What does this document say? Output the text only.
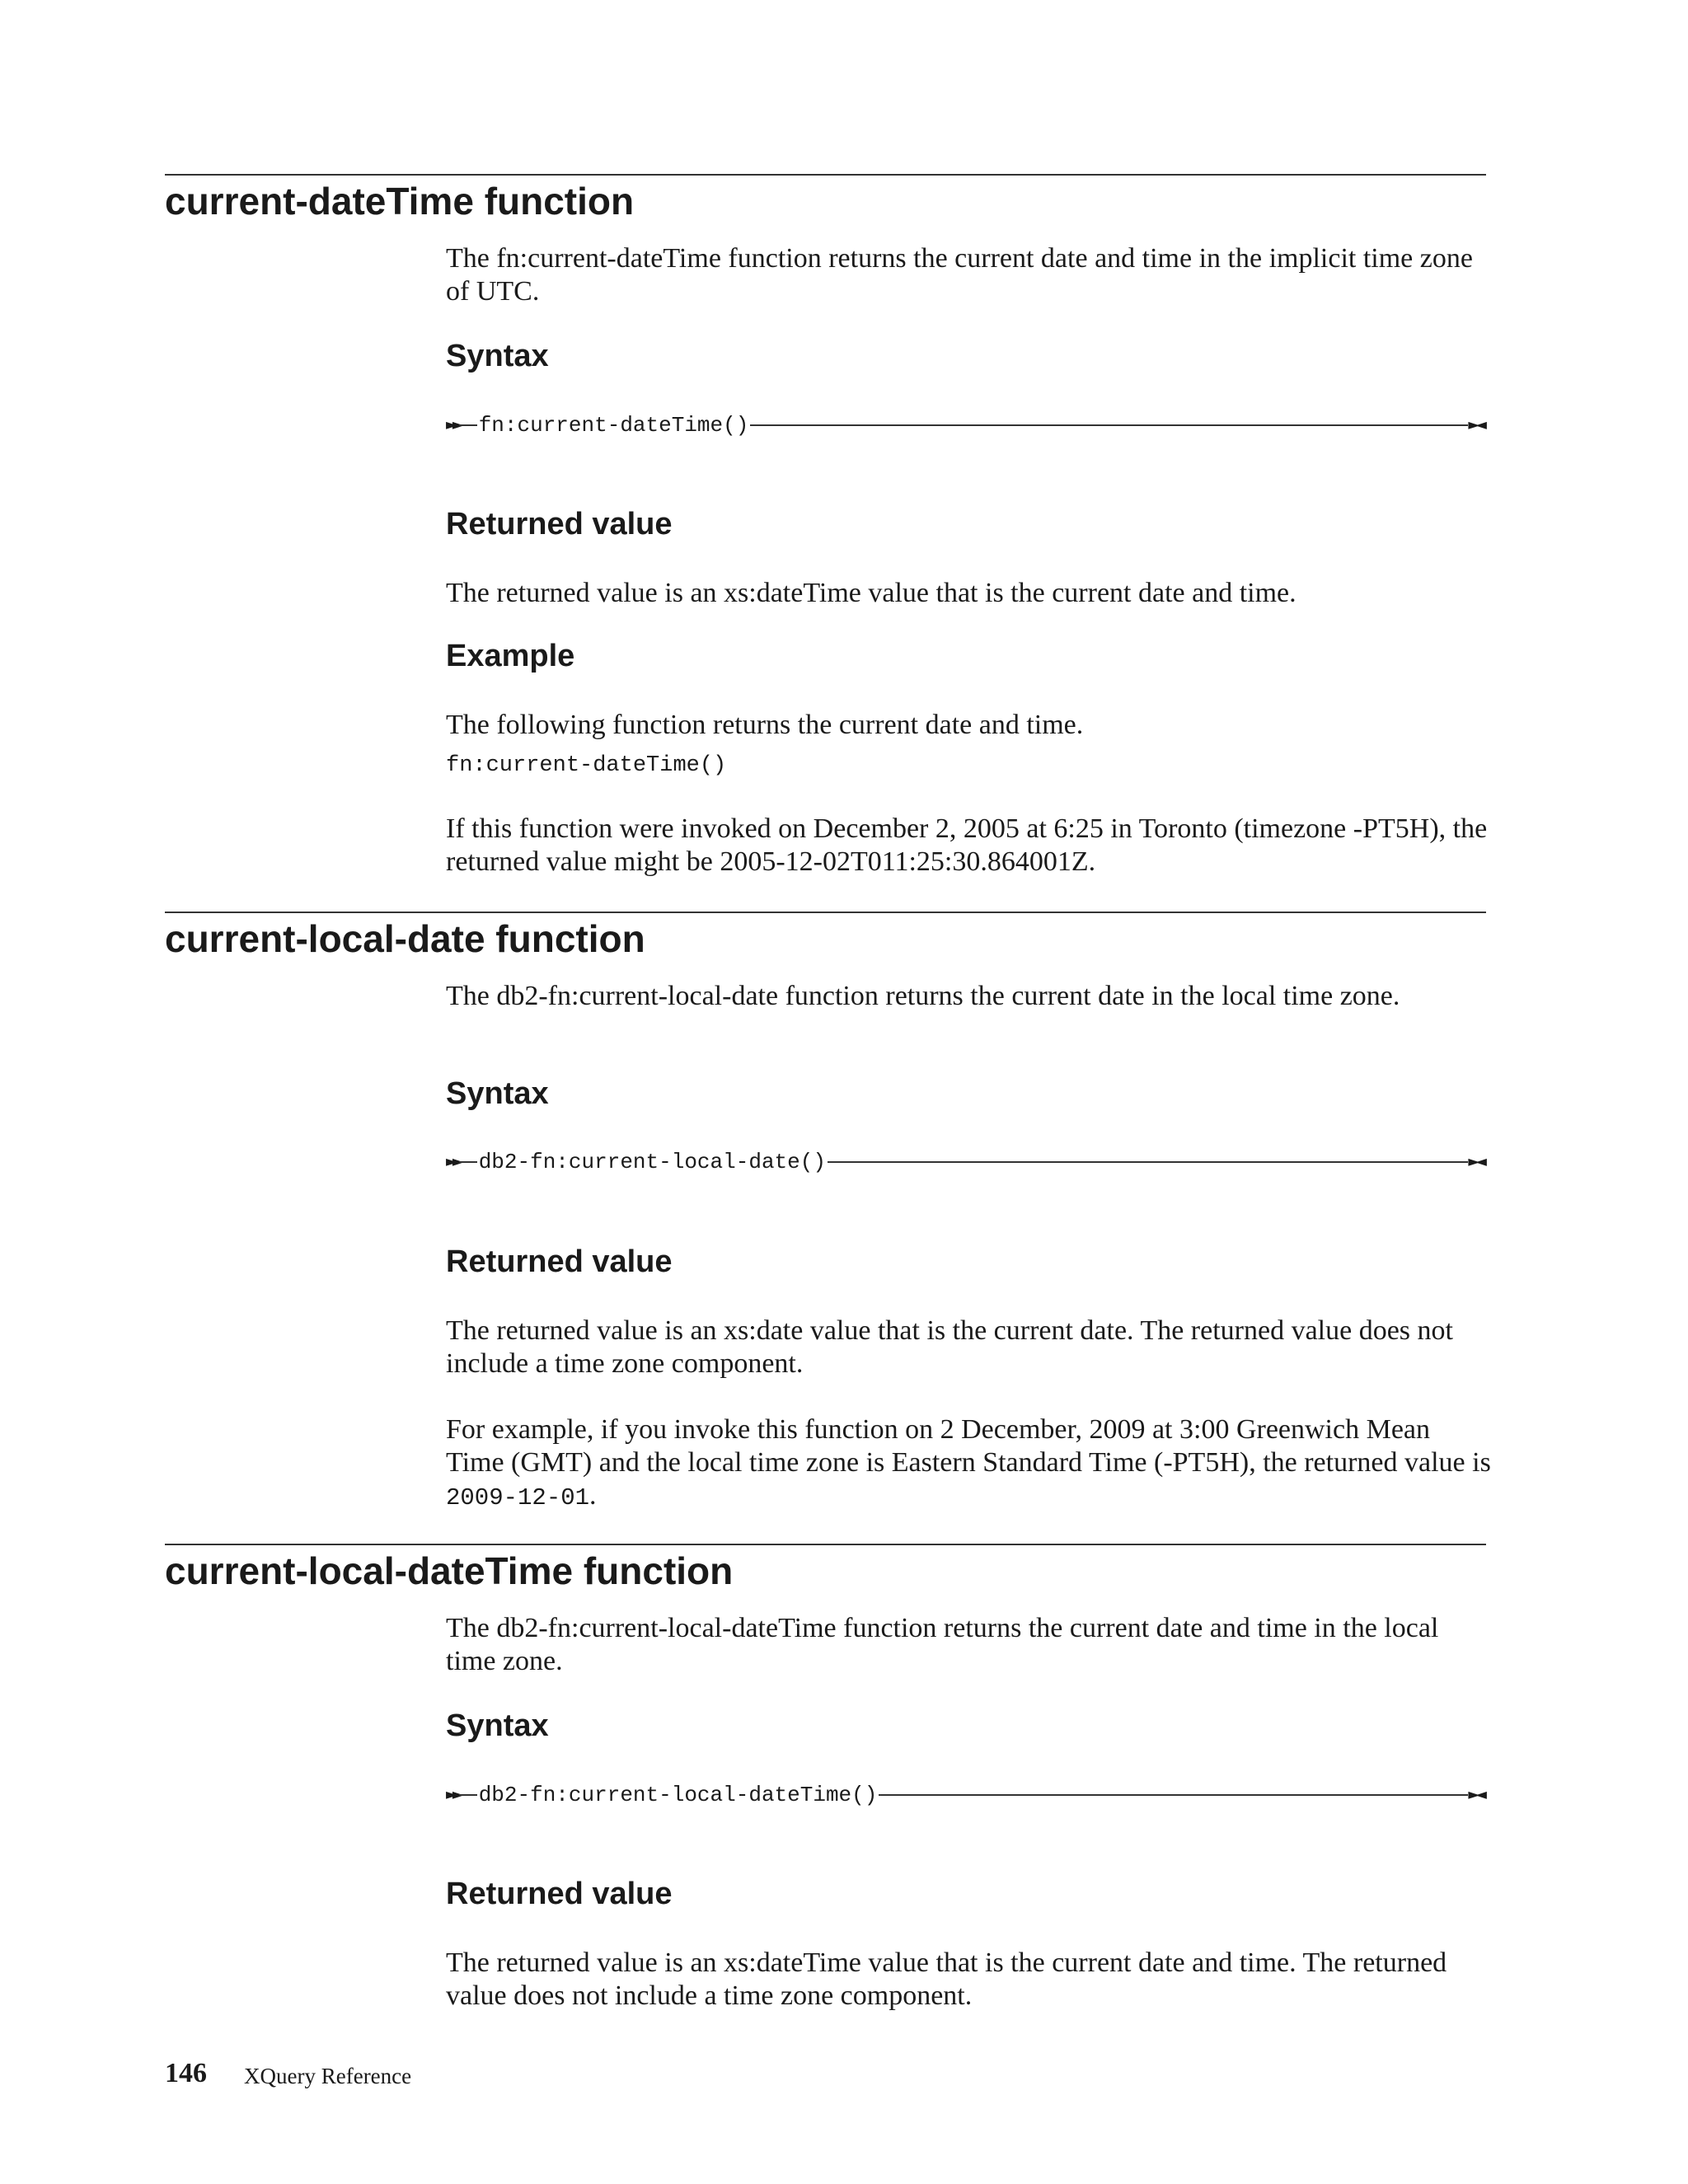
current-dateTime function

The fn:current-dateTime function returns the current date and time in the implicit time zone of UTC.

Syntax
►► fn:current-dateTime()	►◄
Returned value

The returned value is an xs:dateTime value that is the current date and time.

Example

The following function returns the current date and time.

fn:current-dateTime()

If this function were invoked on December 2, 2005 at 6:25 in Toronto (timezone -PT5H), the returned value might be 2005-12-02T011:25:30.864001Z.

current-local-date function

The db2-fn:current-local-date function returns the current date in the local time zone.

Syntax
►► db2-fn:current-local-date()	►◄
Returned value

The returned value is an xs:date value that is the current date. The returned value does not include a time zone component.

For example, if you invoke this function on 2 December, 2009 at 3:00 Greenwich Mean Time (GMT) and the local time zone is Eastern Standard Time (-PT5H), the returned value is 2009-12-01.

current-local-dateTime function

The db2-fn:current-local-dateTime function returns the current date and time in the local time zone.

Syntax
►► db2-fn:current-local-dateTime()	►◄
Returned value

The returned value is an xs:dateTime value that is the current date and time. The returned value does not include a time zone component.

146 XQuery Reference
